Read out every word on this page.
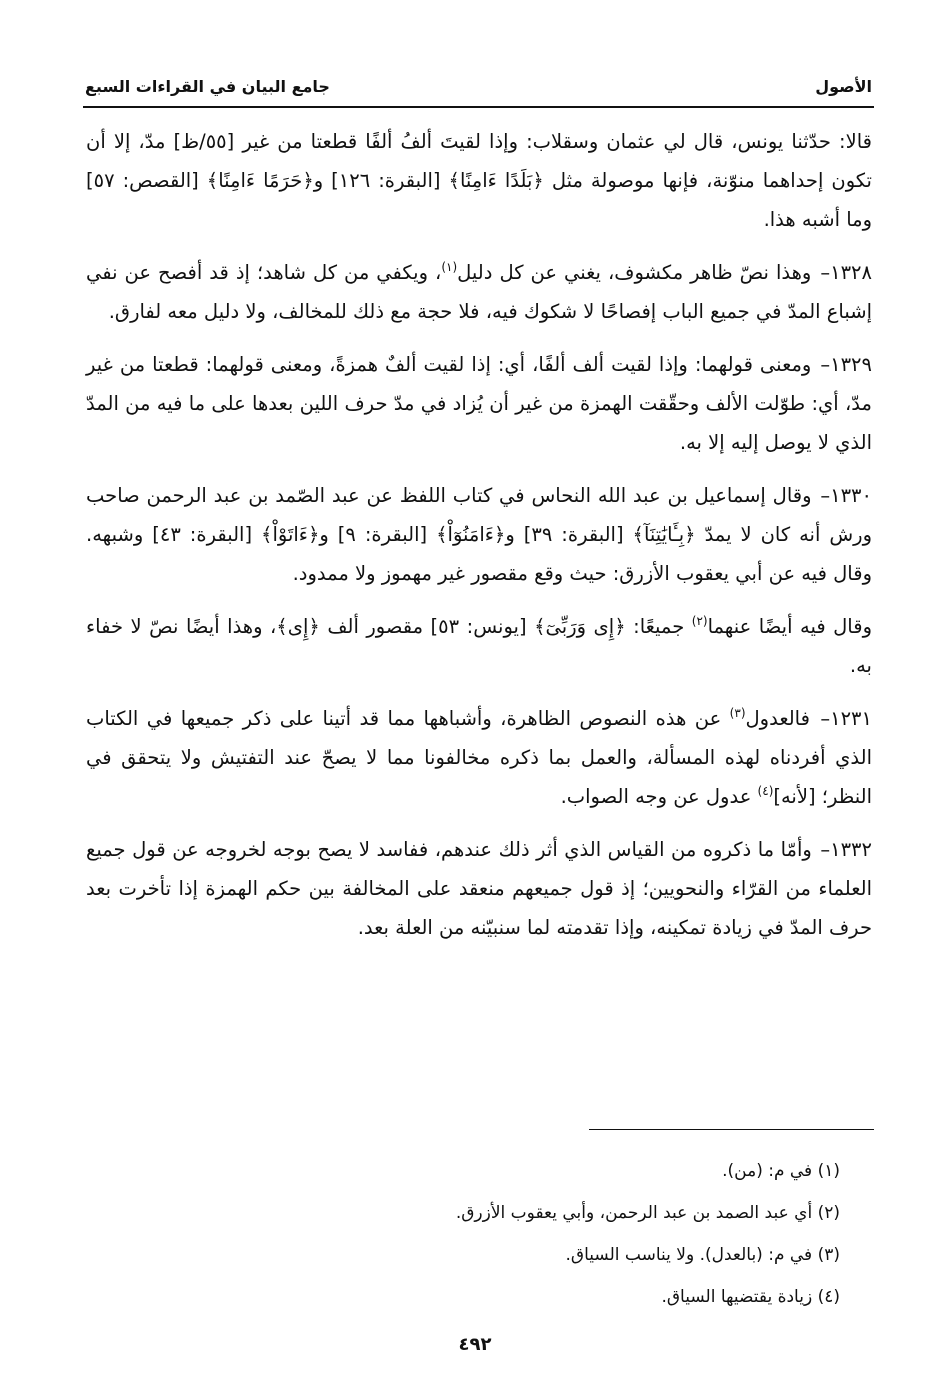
الأصول
جامع البيان في القراءات السبع

قالا: حدّثنا يونس، قال لي عثمان وسقلاب: وإذا لقيتَ ألفُ ألفًا قطعتا من غير [٥٥/ظ] مدّ، إلا أن تكون إحداهما منوّنة، فإنها موصولة مثل ﴿بَلَدًا ءَامِنًا﴾ [البقرة: ١٢٦] و﴿حَرَمًا ءَامِنًا﴾ [القصص: ٥٧] وما أشبه هذا.

١٣٢٨– وهذا نصّ ظاهر مكشوف، يغني عن كل دليل$^{(١)}$، ويكفي من كل شاهد؛ إذ قد أفصح عن نفي إشباع المدّ في جميع الباب إفصاحًا لا شكوك فيه، فلا حجة مع ذلك للمخالف، ولا دليل معه لفارق.

١٣٢٩– ومعنى قولهما: وإذا لقيت ألف ألفًا، أي: إذا لقيت ألفٌ همزةً، ومعنى قولهما: قطعتا من غير مدّ، أي: طوّلت الألف وحقّقت الهمزة من غير أن يُزاد في مدّ حرف اللين بعدها على ما فيه من المدّ الذي لا يوصل إليه إلا به.

١٣٣٠– وقال إسماعيل بن عبد الله النحاس في كتاب اللفظ عن عبد الصّمد بن عبد الرحمن صاحب ورش أنه كان لا يمدّ ﴿بِـَٔايَٰتِنَآ﴾ [البقرة: ٣٩] و﴿ءَامَنُوٓاْ﴾ [البقرة: ٩] و﴿ءَاتَوْاْ﴾ [البقرة: ٤٣] وشبهه. وقال فيه عن أبي يعقوب الأزرق: حيث وقع مقصور غير مهموز ولا ممدود.

وقال فيه أيضًا عنهما$^{(٢)}$ جميعًا: ﴿إِى وَرَبِّىٓ﴾ [يونس: ٥٣] مقصور ألف ﴿إِى﴾، وهذا أيضًا نصّ لا خفاء به.

١٢٣١– فالعدول$^{(٣)}$ عن هذه النصوص الظاهرة، وأشباهها مما قد أتينا على ذكر جميعها في الكتاب الذي أفردناه لهذه المسألة، والعمل بما ذكره مخالفونا مما لا يصحّ عند التفتيش ولا يتحقق في النظر؛ [لأنه]$^{(٤)}$ عدول عن وجه الصواب.

١٣٣٢– وأمّا ما ذكروه من القياس الذي أثر ذلك عندهم، ففاسد لا يصح بوجه لخروجه عن قول جميع العلماء من القرّاء والنحويين؛ إذ قول جميعهم منعقد على المخالفة بين حكم الهمزة إذا تأخرت بعد حرف المدّ في زيادة تمكينه، وإذا تقدمته لما سنبيّنه من العلة بعد.

(١) في م: (من).

(٢) أي عبد الصمد بن عبد الرحمن، وأبي يعقوب الأزرق.

(٣) في م: (بالعدل). ولا يناسب السياق.

(٤) زيادة يقتضيها السياق.

٤٩٢
